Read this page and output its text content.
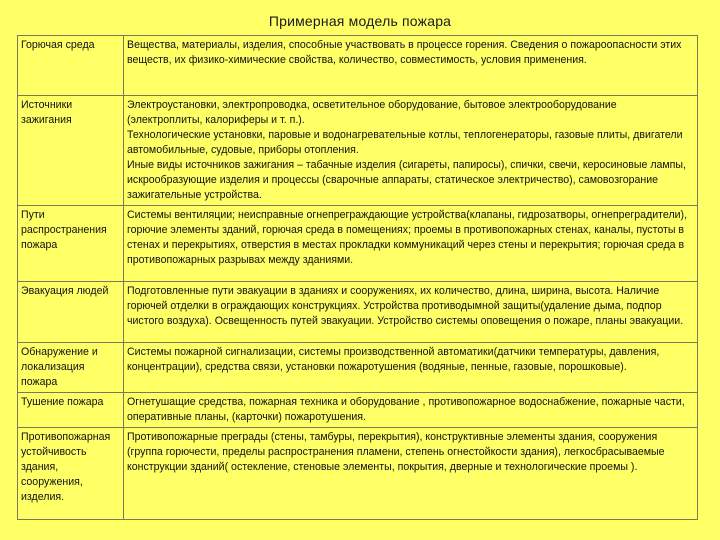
Примерная модель пожара
Горючая среда	Вещества, материалы, изделия, способные участвовать в процессе горения. Сведения о пожароопасности этих веществ, их физико-химические свойства, количество, совместимость, условия применения.

Источники зажигания	Электроустановки, электропроводка, осветительное оборудование, бытовое электрооборудование (электроплиты, калориферы и т. п.).

Технологические установки, паровые и водонагревательные котлы, теплогенераторы, газовые плиты, двигатели автомобильные, судовые, приборы отопления.

Иные виды источников зажигания – табачные изделия (сигареты, папиросы), спички, свечи, керосиновые лампы, искрообразующие изделия и процессы (сварочные аппараты, статическое электричество), самовозгорание зажигательные устройства.

Пути распространения пожара	Системы вентиляции; неисправные огнепреграждающие устройства(клапаны, гидрозатворы, огнепреградители), горючие элементы зданий, горючая среда в помещениях; проемы в противопожарных стенах, каналы, пустоты в стенах и перекрытиях, отверстия в местах прокладки коммуникаций через стены и перекрытия; горючая среда в противопожарных разрывах между зданиями.

Эвакуация людей	Подготовленные пути эвакуации в зданиях и сооружениях, их количество, длина, ширина, высота. Наличие горючей отделки в ограждающих конструкциях. Устройства противодымной защиты(удаление дыма, подпор чистого воздуха). Освещенность путей эвакуации. Устройство системы оповещения о пожаре, планы эвакуации.

Обнаружение и локализация пожара	Системы пожарной сигнализации, системы производственной автоматики(датчики температуры, давления, концентрации), средства связи, установки пожаротушения (водяные, пенные, газовые, порошковые).

Тушение пожара	Огнетушащие средства, пожарная техника и оборудование , противопожарное водоснабжение, пожарные части, оперативные планы, (карточки) пожаротушения.

Противопожарная устойчивость здания, сооружения, изделия.	Противопожарные преграды (стены, тамбуры, перекрытия), конструктивные элементы здания, сооружения (группа горючести, пределы распространения пламени, степень огнестойкости здания), легкосбрасываемые конструкции зданий( остекление, стеновые элементы, покрытия, дверные и технологические проемы ).
